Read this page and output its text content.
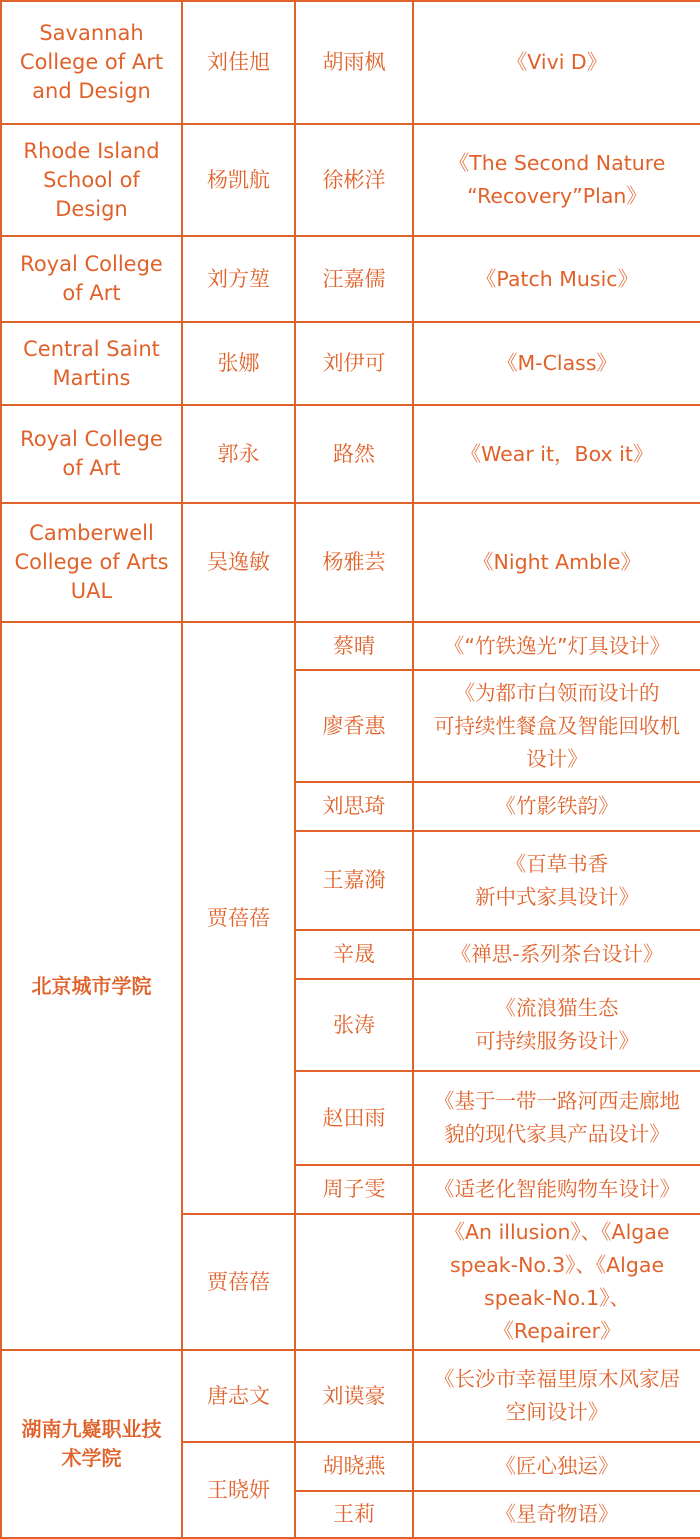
Savannah
College of Art
and Design	刘佳旭	胡雨枫	《Vivi D》

Rhode Island
School of
Design	杨凯航	徐彬洋	《The Second Nature
“Recovery”Plan》

Royal College
of Art	刘方堃	汪嘉儒	《Patch Music》

Central Saint
Martins	张娜	刘伊可	《M-Class》

Royal College
of Art	郭永	路然	《Wear it，Box it》

Camberwell
College of Arts
UAL	吴逸敏	杨雅芸	《Night Amble》

北京城市学院	贾蓓蓓	蔡晴	《“竹铁逸光”灯具设计》

		廖香惠	《为都市白领而设计的
可持续性餐盒及智能回收机
设计》

		刘思琦	《竹影铁韵》

		王嘉漪	《百草书香
新中式家具设计》

		辛晟	《禅思-系列茶台设计》

		张涛	《流浪猫生态
可持续服务设计》

		赵田雨	《基于一带一路河西走廊地
貌的现代家具产品设计》

		周子雯	《适老化智能购物车设计》

	贾蓓蓓		《An illusion》、《Algae
speak-No.3》、《Algae
speak-No.1》、
《Repairer》

湖南九嶷职业技
术学院	唐志文	刘谟豪	《长沙市幸福里原木风家居
空间设计》

	王晓妍	胡晓燕	《匠心独运》

		王莉	《星奇物语》
